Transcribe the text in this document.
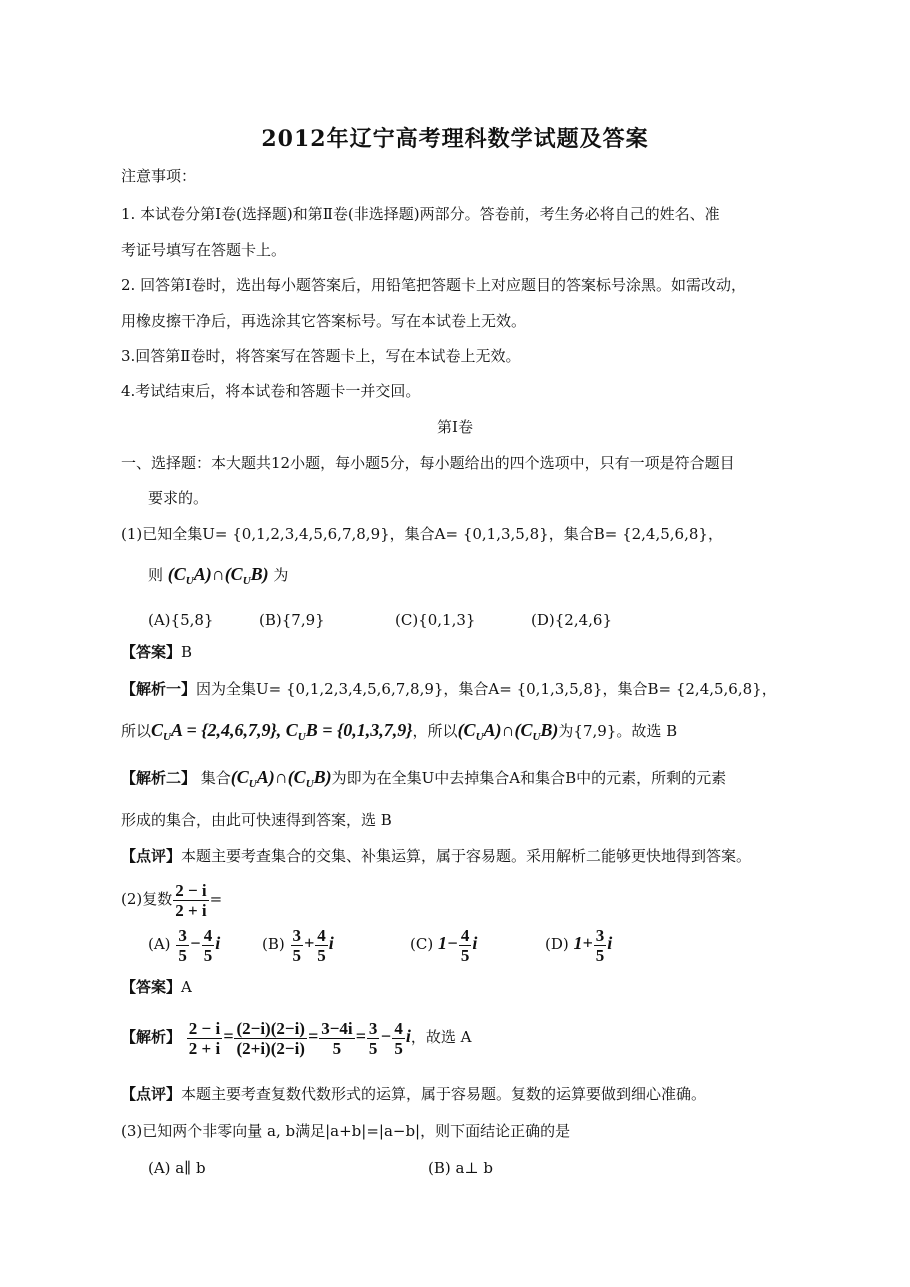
2012年辽宁高考理科数学试题及答案
注意事项：
1. 本试卷分第Ⅰ卷(选择题)和第Ⅱ卷(非选择题)两部分。答卷前，考生务必将自己的姓名、准
考证号填写在答题卡上。
2. 回答第Ⅰ卷时，选出每小题答案后，用铅笔把答题卡上对应题目的答案标号涂黑。如需改动，
用橡皮擦干净后，再选涂其它答案标号。写在本试卷上无效。
3.回答第Ⅱ卷时，将答案写在答题卡上，写在本试卷上无效。
4.考试结束后，将本试卷和答题卡一并交回。
第Ⅰ卷
一、选择题：本大题共12小题，每小题5分，每小题给出的四个选项中，只有一项是符合题目
要求的。
(1)已知全集U= {0,1,2,3,4,5,6,7,8,9}，集合A= {0,1,3,5,8}，集合B= {2,4,5,6,8}，
则 $(C_UA)\cap(C_UB)$ 为
(A){5,8}	(B){7,9}	(C){0,1,3}	(D){2,4,6}
【答案】B
【解析一】因为全集U= {0,1,2,3,4,5,6,7,8,9}，集合A= {0,1,3,5,8}，集合B= {2,4,5,6,8}，
所以$C_UA = \{2,4,6,7,9\}$, $C_UB = \{0,1,3,7,9\}$，所以$(C_UA)\cap(C_UB)$为{7,9}。故选 B
【解析二】 集合$(C_UA)\cap(C_UB)$为即为在全集U中去掉集合A和集合B中的元素，所剩的元素
形成的集合，由此可快速得到答案，选 B
【点评】本题主要考查集合的交集、补集运算，属于容易题。采用解析二能够更快地得到答案。
(2)复数 $\frac{2 - i}{2 + i}$ =
$(A) \frac{3}{5} - \frac{4}{5}$ i	$(B) \frac{3}{5} + \frac{4}{5}$ i	(C) $1- \frac{4}{5}$ i	(D) $1+ \frac{3}{5}$ i
【答案】A
【解析】 $\frac{2 - i}{2 + i} = \frac{(2-i)(2-i)}{(2+i)(2-i)} = \frac{3-4i}{5} = \frac{3}{5} - \frac{4}{5}$ i，故选 A
【点评】本题主要考查复数代数形式的运算，属于容易题。复数的运算要做到细心准确。
(3)已知两个非零向量 a, b满足|a+b|=|a−b|，则下面结论正确的是
(A) a∥ b	(B) a⊥ b
